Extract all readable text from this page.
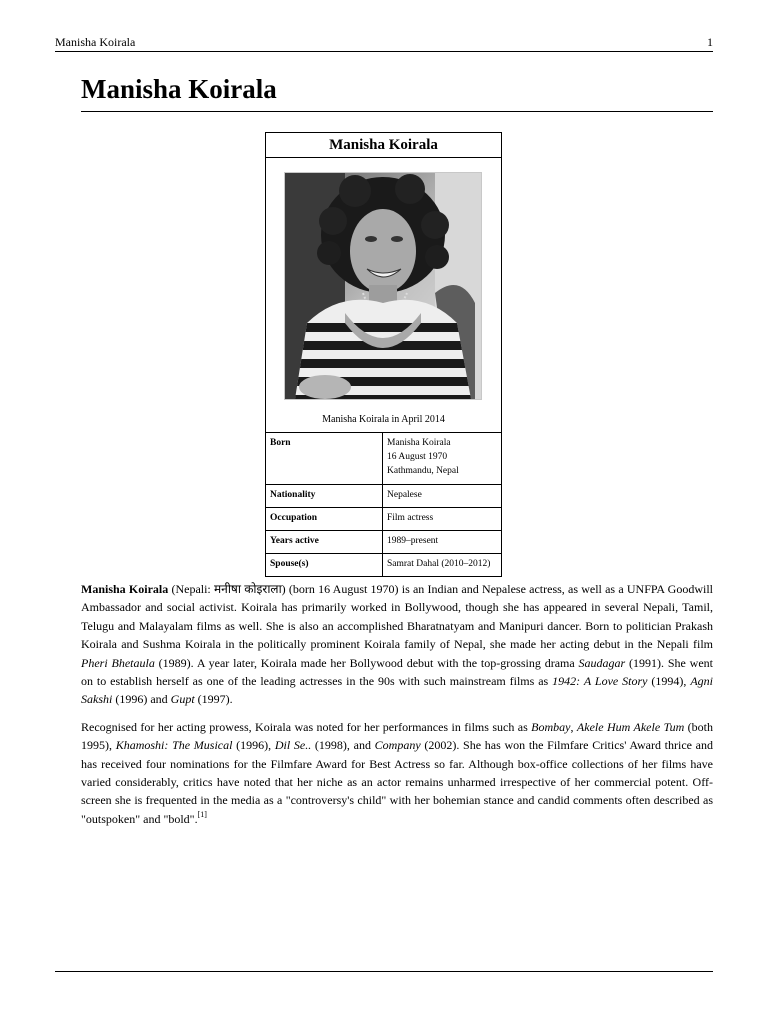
Manisha Koirala	1
Manisha Koirala
Manisha Koirala
Manisha Koirala in April 2014
Born	Manisha Koirala
16 August 1970
Kathmandu, Nepal
Nationality	Nepalese
Occupation	Film actress
Years active	1989–present
Spouse(s)	Samrat Dahal (2010–2012)

Manisha Koirala (Nepali: मनीषा कोइराला) (born 16 August 1970) is an Indian and Nepalese actress, as well as a UNFPA Goodwill Ambassador and social activist. Koirala has primarily worked in Bollywood, though she has appeared in several Nepali, Tamil, Telugu and Malayalam films as well. She is also an accomplished Bharatnatyam and Manipuri dancer. Born to politician Prakash Koirala and Sushma Koirala in the politically prominent Koirala family of Nepal, she made her acting debut in the Nepali film Pheri Bhetaula (1989). A year later, Koirala made her Bollywood debut with the top-grossing drama Saudagar (1991). She went on to establish herself as one of the leading actresses in the 90s with such mainstream films as 1942: A Love Story (1994), Agni Sakshi (1996) and Gupt (1997).

Recognised for her acting prowess, Koirala was noted for her performances in films such as Bombay, Akele Hum Akele Tum (both 1995), Khamoshi: The Musical (1996), Dil Se.. (1998), and Company (2002). She has won the Filmfare Critics' Award thrice and has received four nominations for the Filmfare Award for Best Actress so far. Although box-office collections of her films have varied considerably, critics have noted that her niche as an actor remains unharmed irrespective of her commercial potent. Off-screen she is frequented in the media as a "controversy's child" with her bohemian stance and candid comments often described as "outspoken" and "bold".[1]
